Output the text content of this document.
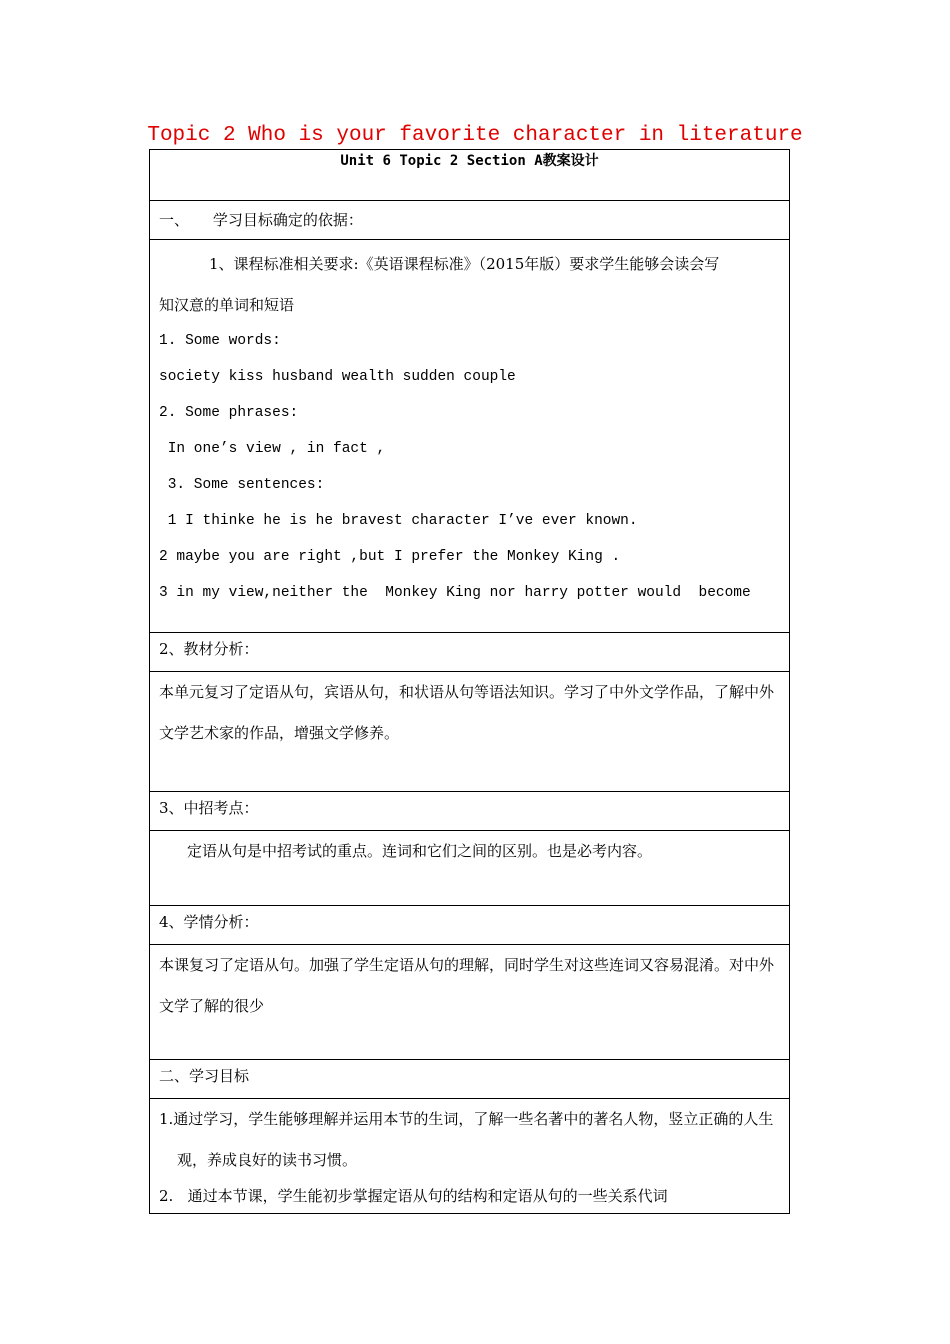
Topic 2 Who is your favorite character in literature
Unit 6 Topic 2 Section A教案设计

一、     学习目标确定的依据：

1、课程标准相关要求:《英语课程标准》（2015年版）要求学生能够会读会写
知汉意的单词和短语
1. Some words:
society kiss husband wealth sudden couple
2. Some phrases:
In one’s view , in fact ,
3. Some sentences:
1 I thinke he is he bravest character I’ve ever known.
2 maybe you are right ,but I prefer the Monkey King .
3 in my view,neither the  Monkey King nor harry potter would  become

2、教材分析：

本单元复习了定语从句，宾语从句，和状语从句等语法知识。学习了中外文学作品，了解中外文学艺术家的作品，增强文学修养。

3、中招考点：

定语从句是中招考试的重点。连词和它们之间的区别。也是必考内容。

4、学情分析：

本课复习了定语从句。加强了学生定语从句的理解，同时学生对这些连词又容易混淆。对中外文学了解的很少

二、学习目标

1.通过学习，学生能够理解并运用本节的生词，了解一些名著中的著名人物，竖立正确的人生观，养成良好的读书习惯。

2.   通过本节课，学生能初步掌握定语从句的结构和定语从句的一些关系代词
